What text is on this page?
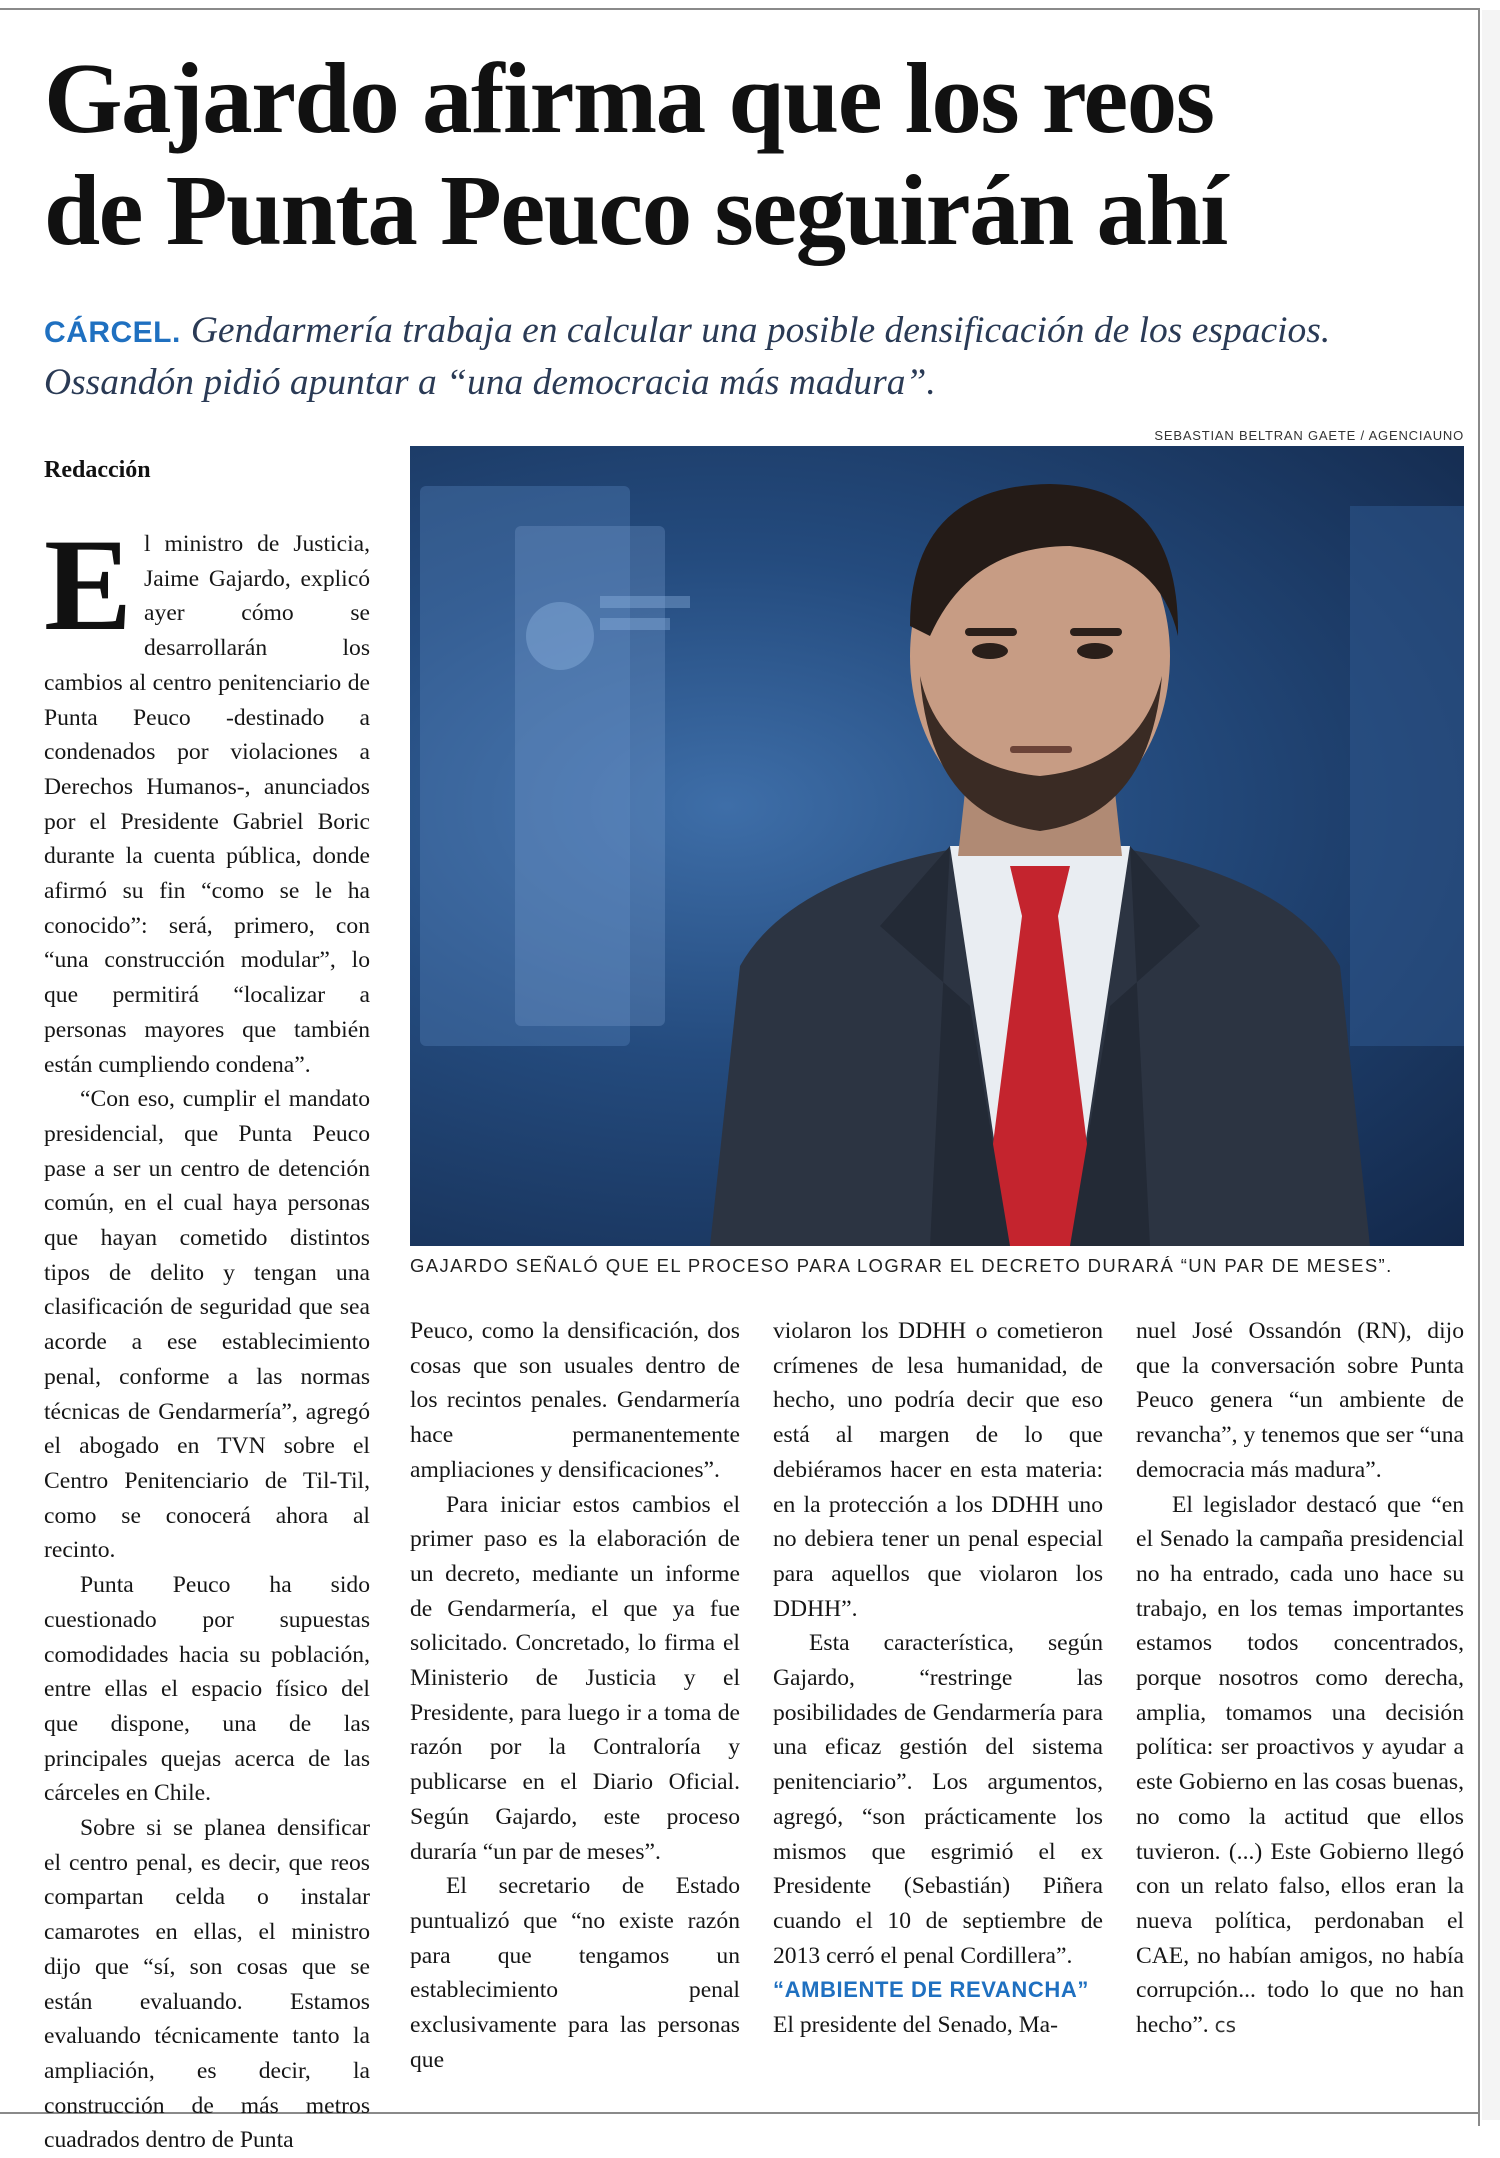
Gajardo afirma que los reos
de Punta Peuco seguirán ahí

CÁRCEL. Gendarmería trabaja en calcular una posible densificación de los espacios. Ossandón pidió apuntar a “una democracia más madura”.

SEBASTIAN BELTRAN GAETE / AGENCIAUNO

GAJARDO SEÑALÓ QUE EL PROCESO PARA LOGRAR EL DECRETO DURARÁ “UN PAR DE MESES”.

Redacción

El ministro de Justicia, Jaime Gajardo, explicó ayer cómo se desarrollarán los cambios al centro penitenciario de Punta Peuco -destinado a condenados por violaciones a Derechos Humanos-, anunciados por el Presidente Gabriel Boric durante la cuenta pública, donde afirmó su fin “como se le ha conocido”: será, primero, con “una construcción modular”, lo que permitirá “localizar a personas mayores que también están cumpliendo condena”.

“Con eso, cumplir el mandato presidencial, que Punta Peuco pase a ser un centro de detención común, en el cual haya personas que hayan cometido distintos tipos de delito y tengan una clasificación de seguridad que sea acorde a ese establecimiento penal, conforme a las normas técnicas de Gendarmería”, agregó el abogado en TVN sobre el Centro Penitenciario de Til-Til, como se conocerá ahora al recinto.

Punta Peuco ha sido cuestionado por supuestas comodidades hacia su población, entre ellas el espacio físico del que dispone, una de las principales quejas acerca de las cárceles en Chile.

Sobre si se planea densificar el centro penal, es decir, que reos compartan celda o instalar camarotes en ellas, el ministro dijo que “sí, son cosas que se están evaluando. Estamos evaluando técnicamente tanto la ampliación, es decir, la construcción de más metros cuadrados dentro de Punta

Peuco, como la densificación, dos cosas que son usuales dentro de los recintos penales. Gendarmería hace permanentemente ampliaciones y densificaciones”.

Para iniciar estos cambios el primer paso es la elaboración de un decreto, mediante un informe de Gendarmería, el que ya fue solicitado. Concretado, lo firma el Ministerio de Justicia y el Presidente, para luego ir a toma de razón por la Contraloría y publicarse en el Diario Oficial. Según Gajardo, este proceso duraría “un par de meses”.

El secretario de Estado puntualizó que “no existe razón para que tengamos un establecimiento penal exclusivamente para las personas que

violaron los DDHH o cometieron crímenes de lesa humanidad, de hecho, uno podría decir que eso está al margen de lo que debiéramos hacer en esta materia: en la protección a los DDHH uno no debiera tener un penal especial para aquellos que violaron los DDHH”.

Esta característica, según Gajardo, “restringe las posibilidades de Gendarmería para una eficaz gestión del sistema penitenciario”. Los argumentos, agregó, “son prácticamente los mismos que esgrimió el ex Presidente (Sebastián) Piñera cuando el 10 de septiembre de 2013 cerró el penal Cordillera”.

“AMBIENTE DE REVANCHA”

El presidente del Senado, Ma-

nuel José Ossandón (RN), dijo que la conversación sobre Punta Peuco genera “un ambiente de revancha”, y tenemos que ser “una democracia más madura”.

El legislador destacó que “en el Senado la campaña presidencial no ha entrado, cada uno hace su trabajo, en los temas importantes estamos todos concentrados, porque nosotros como derecha, amplia, tomamos una decisión política: ser proactivos y ayudar a este Gobierno en las cosas buenas, no como la actitud que ellos tuvieron. (...) Este Gobierno llegó con un relato falso, ellos eran la nueva política, perdonaban el CAE, no habían amigos, no había corrupción... todo lo que no han hecho”. cs
